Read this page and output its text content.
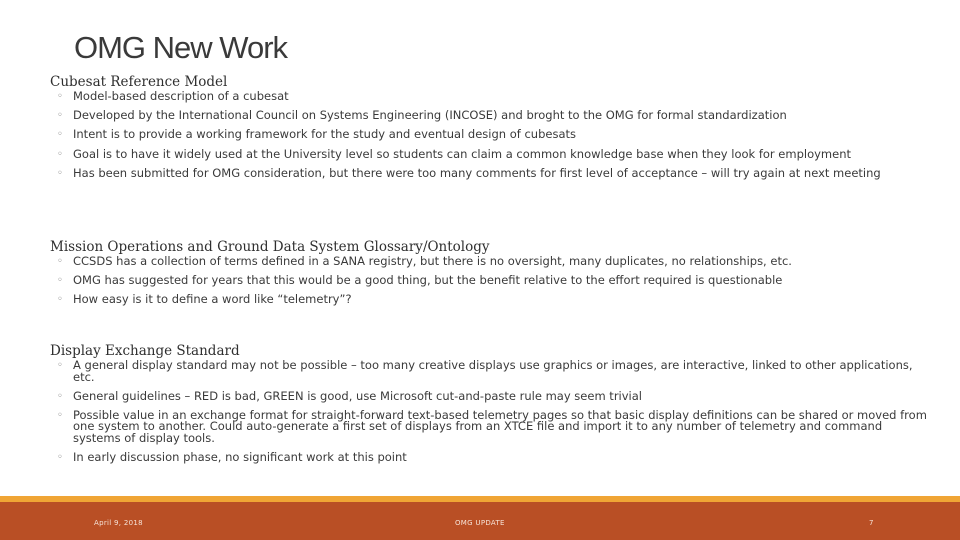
OMG New Work
Cubesat Reference Model
◦ Model-based description of a cubesat
◦ Developed by the International Council on Systems Engineering (INCOSE) and broght to the OMG for formal standardization
◦ Intent is to provide a working framework for the study and eventual design of cubesats
◦ Goal is to have it widely used at the University level so students can claim a common knowledge base when they look for employment
◦ Has been submitted for OMG consideration, but there were too many comments for first level of acceptance – will try again at next meeting
Mission Operations and Ground Data System Glossary/Ontology
◦ CCSDS has a collection of terms defined in a SANA registry, but there is no oversight, many duplicates, no relationships, etc.
◦ OMG has suggested for years that this would be a good thing, but the benefit relative to the effort required is questionable
◦ How easy is it to define a word like “telemetry”?
Display Exchange Standard
◦ A general display standard may not be possible – too many creative displays use graphics or images, are interactive, linked to other applications, etc.
◦ General guidelines – RED is bad, GREEN is good, use Microsoft cut-and-paste rule may seem trivial
◦ Possible value in an exchange format for straight-forward text-based telemetry pages so that basic display definitions can be shared or moved from one system to another. Could auto-generate a first set of displays from an XTCE file and import it to any number of telemetry and command systems of display tools.
◦ In early discussion phase, no significant work at this point
April 9, 2018	OMG UPDATE	7
